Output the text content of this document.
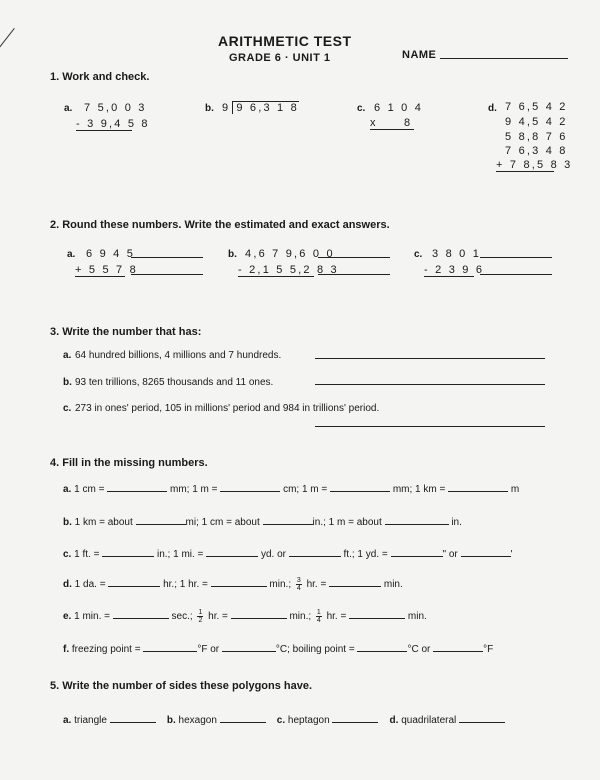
ARITHMETIC TEST
GRADE 6 · UNIT 1	NAME
1. Work and check.
a. 7 5,0 0 3
- 3 9,4 5 8
b. 9 9 6,3 1 8	c. 6 1 0 4
x     8
d. 7 6,5 4 2
9 4,5 4 2
5 8,8 7 6
7 6,3 4 8
+ 7 8,5 8 3
2. Round these numbers. Write the estimated and exact answers.
a. 6 9 4 5
+ 5 5 7 8
b. 4,6 7 9,6 0 0
- 2,1 5 5,2 8 3
c. 3 8 0 1
- 2 3 9 6
3. Write the number that has:
a. 64 hundred billions, 4 millions and 7 hundreds.
b. 93 ten trillions, 8265 thousands and 11 ones.
c. 273 in ones' period, 105 in millions' period and 984 in trillions' period.
4. Fill in the missing numbers.
a. 1 cm =	mm; 1 m =	cm; 1 m =	mm; 1 km =	m
b. 1 km = about	mi; 1 cm = about	in.; 1 m = about	in.
c. 1 ft. =	in.; 1 mi. =	yd. or	ft.; 1 yd. =	" or	'
d. 1 da. =	hr.; 1 hr. =	min.; $\frac{3}{4}$ hr. =	min.
e. 1 min. =	sec.; $\frac{1}{2}$ hr. =	min.; $\frac{1}{4}$ hr. =	min.
f. freezing point =	°F or	°C; boiling point =	°C or	°F
5. Write the number of sides these polygons have.
a. triangle	b. hexagon	c. heptagon	d. quadrilateral
